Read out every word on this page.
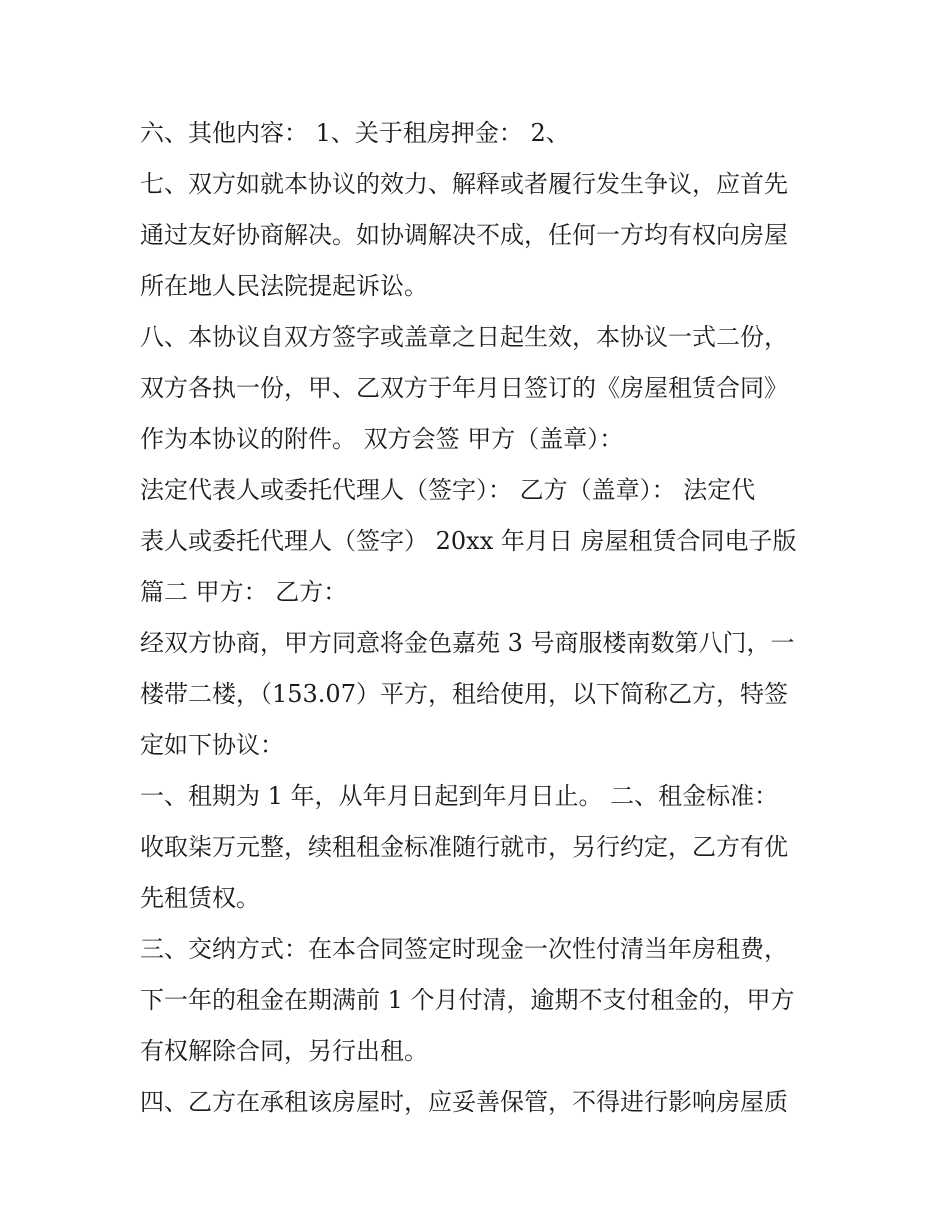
六、其他内容： 1、关于租房押金： 2、

七、双方如就本协议的效力、解释或者履行发生争议，应首先

通过友好协商解决。如协调解决不成，任何一方均有权向房屋

所在地人民法院提起诉讼。

八、本协议自双方签字或盖章之日起生效，本协议一式二份，

双方各执一份，甲、乙双方于年月日签订的《房屋租赁合同》

作为本协议的附件。 双方会签 甲方（盖章）：

法定代表人或委托代理人（签字）： 乙方（盖章）： 法定代

表人或委托代理人（签字） 20xx 年月日 房屋租赁合同电子版

篇二 甲方： 乙方：

经双方协商，甲方同意将金色嘉苑 3 号商服楼南数第八门，一

楼带二楼，（153.07）平方，租给使用，以下简称乙方，特签

定如下协议：

一、租期为 1 年，从年月日起到年月日止。 二、租金标准：

收取柒万元整，续租租金标准随行就市，另行约定，乙方有优

先租赁权。

三、交纳方式：在本合同签定时现金一次性付清当年房租费，

下一年的租金在期满前 1 个月付清，逾期不支付租金的，甲方

有权解除合同，另行出租。

四、乙方在承租该房屋时，应妥善保管，不得进行影响房屋质
